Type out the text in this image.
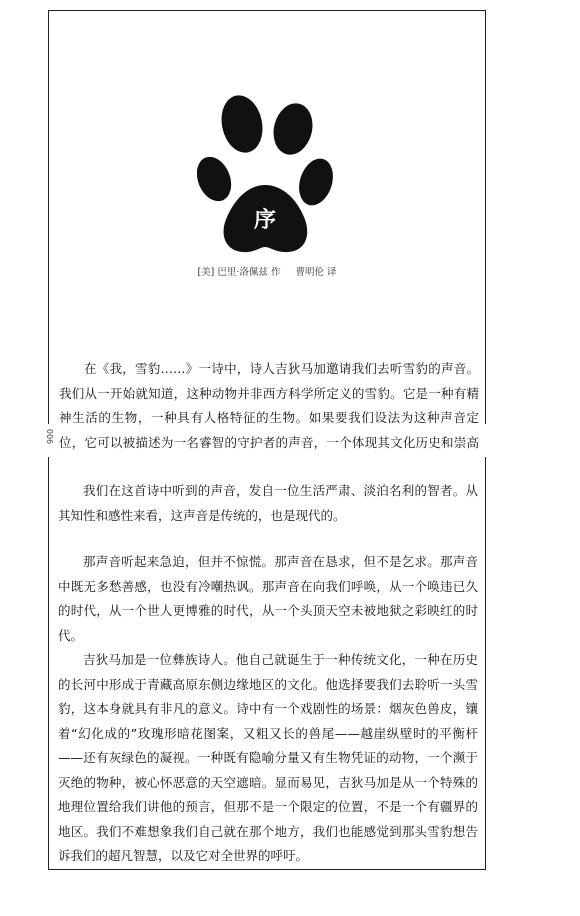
序
[美] 巴里·洛佩兹 作 曹明伦 译

在《我，雪豹……》一诗中，诗人吉狄马加邀请我们去听雪豹的声音。我们从一开始就知道，这种动物并非西方科学所定义的雪豹。它是一种有精神生活的生物，一种具有人格特征的生物。如果要我们设法为这种声音定位，它可以被描述为一名睿智的守护者的声音，一个体现其文化历史和崇高

006

我们在这首诗中听到的声音，发自一位生活严肃、淡泊名利的智者。从其知性和感性来看，这声音是传统的，也是现代的。

那声音听起来急迫，但并不惊慌。那声音在恳求，但不是乞求。那声音中既无多愁善感，也没有冷嘲热讽。那声音在向我们呼唤，从一个唤违已久的时代，从一个世人更博雅的时代，从一个头顶天空未被地狱之彩映红的时代。

吉狄马加是一位彝族诗人。他自己就诞生于一种传统文化，一种在历史的长河中形成于青藏高原东侧边缘地区的文化。他选择要我们去聆听一头雪豹，这本身就具有非凡的意义。诗中有一个戏剧性的场景：烟灰色兽皮，镶着“幻化成的”玫瑰形暗花图案，又粗又长的兽尾——越崖纵壁时的平衡杆——还有灰绿色的凝视。一种既有隐喻分量又有生物凭证的动物，一个濒于灭绝的物种，被心怀恶意的天空遮暗。显而易见，吉狄马加是从一个特殊的地理位置给我们讲他的预言，但那不是一个限定的位置，不是一个有疆界的地区。我们不难想象我们自己就在那个地方，我们也能感觉到那头雪豹想告诉我们的超凡智慧，以及它对全世界的呼吁。
